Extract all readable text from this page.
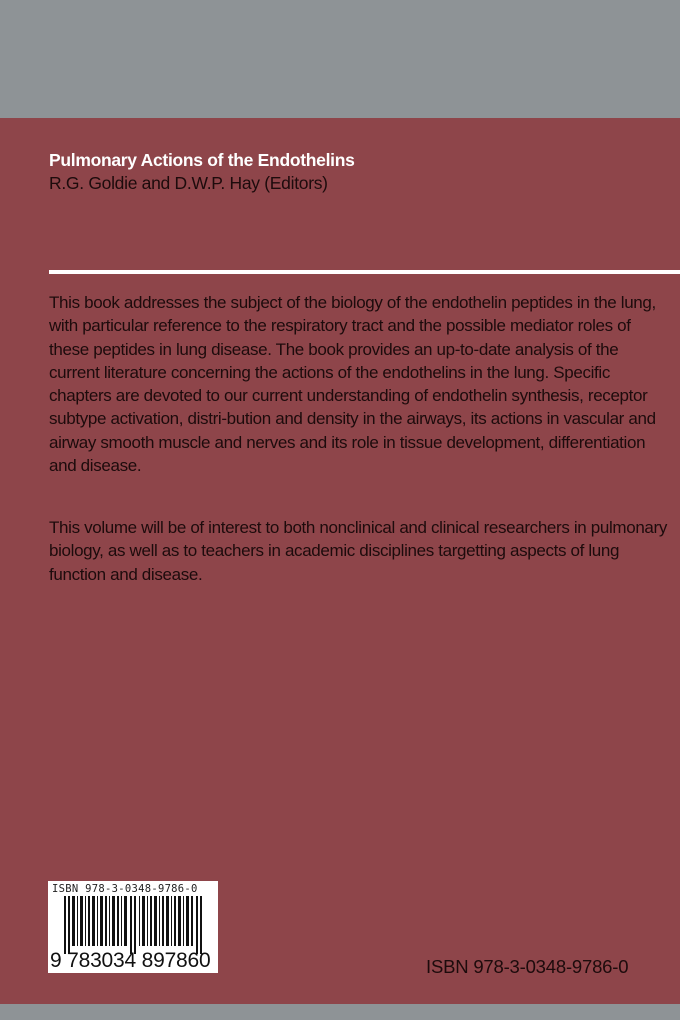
Pulmonary Actions of the Endothelins
R.G. Goldie and D.W.P. Hay (Editors)

This book addresses the subject of the biology of the endothelin peptides in the lung, with particular reference to the respiratory tract and the possible mediator roles of these peptides in lung disease. The book provides an up-to-date analysis of the current literature concerning the actions of the endothelins in the lung. Specific chapters are devoted to our current understanding of endothelin synthesis, receptor subtype activation, distri-bution and density in the airways, its actions in vascular and airway smooth muscle and nerves and its role in tissue development, differentiation and disease.

This volume will be of interest to both nonclinical and clinical researchers in pulmonary biology, as well as to teachers in academic disciplines targetting aspects of lung function and disease.

ISBN 978-3-0348-9786-0
9 783034 897860	ISBN 978-3-0348-9786-0
